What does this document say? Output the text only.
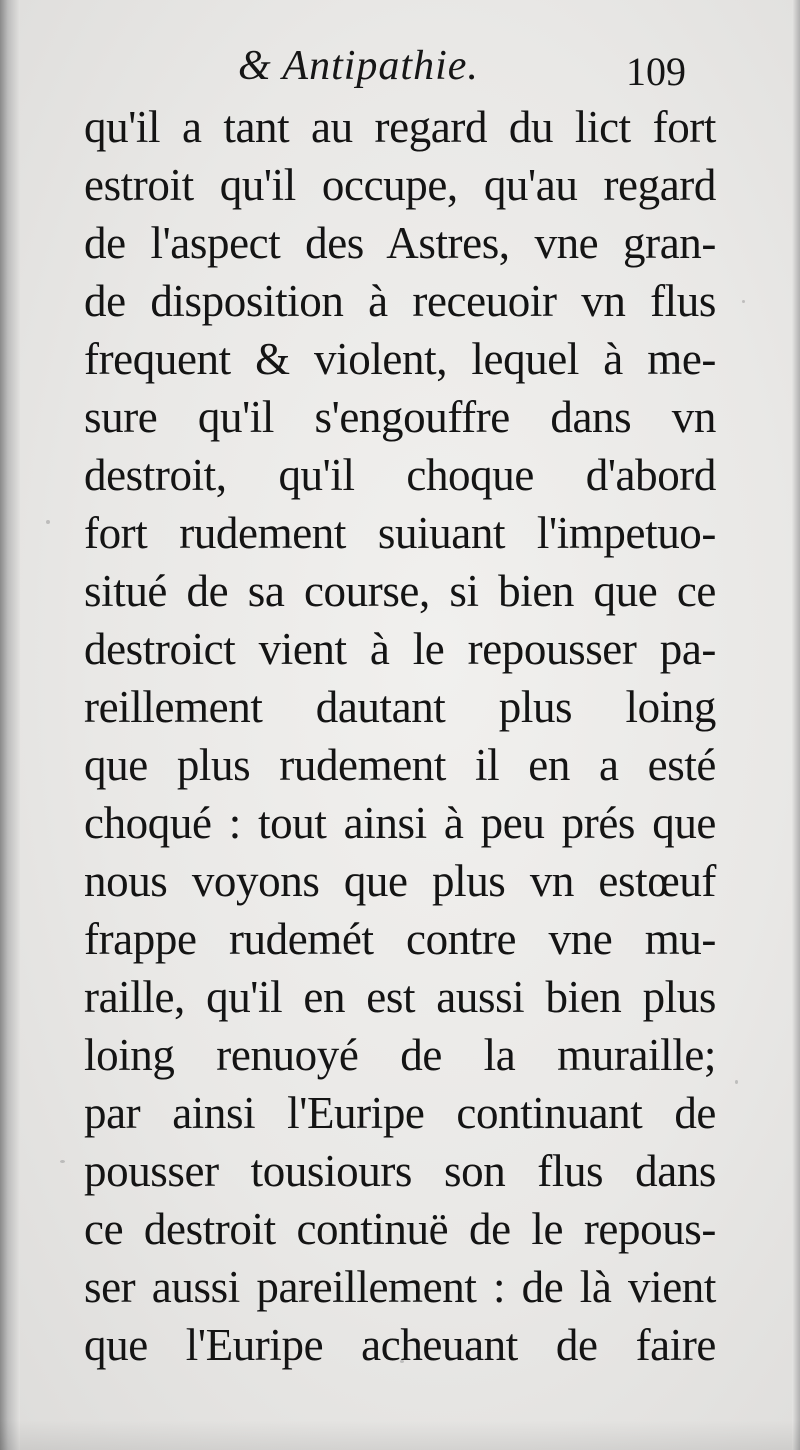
& Antipathie.	109
qu'il a tant au regard du lict fort
estroit qu'il occupe, qu'au regard
de l'aspect des Astres, vne gran-
de disposition à receuoir vn flus
frequent & violent, lequel à me-
sure qu'il s'engouffre dans vn
destroit, qu'il choque d'abord
fort rudement suiuant l'impetuo-
situé de sa course, si bien que ce
destroict vient à le repousser pa-
reillement dautant plus loing
que plus rudement il en a esté
choqué : tout ainsi à peu prés que
nous voyons que plus vn estœuf
frappe rudemét contre vne mu-
raille, qu'il en est aussi bien plus
loing renuoyé de la muraille;
par ainsi l'Euripe continuant de
pousser tousiours son flus dans
ce destroit continuë de le repous-
ser aussi pareillement : de là vient
que l'Euripe acheuant de faire
